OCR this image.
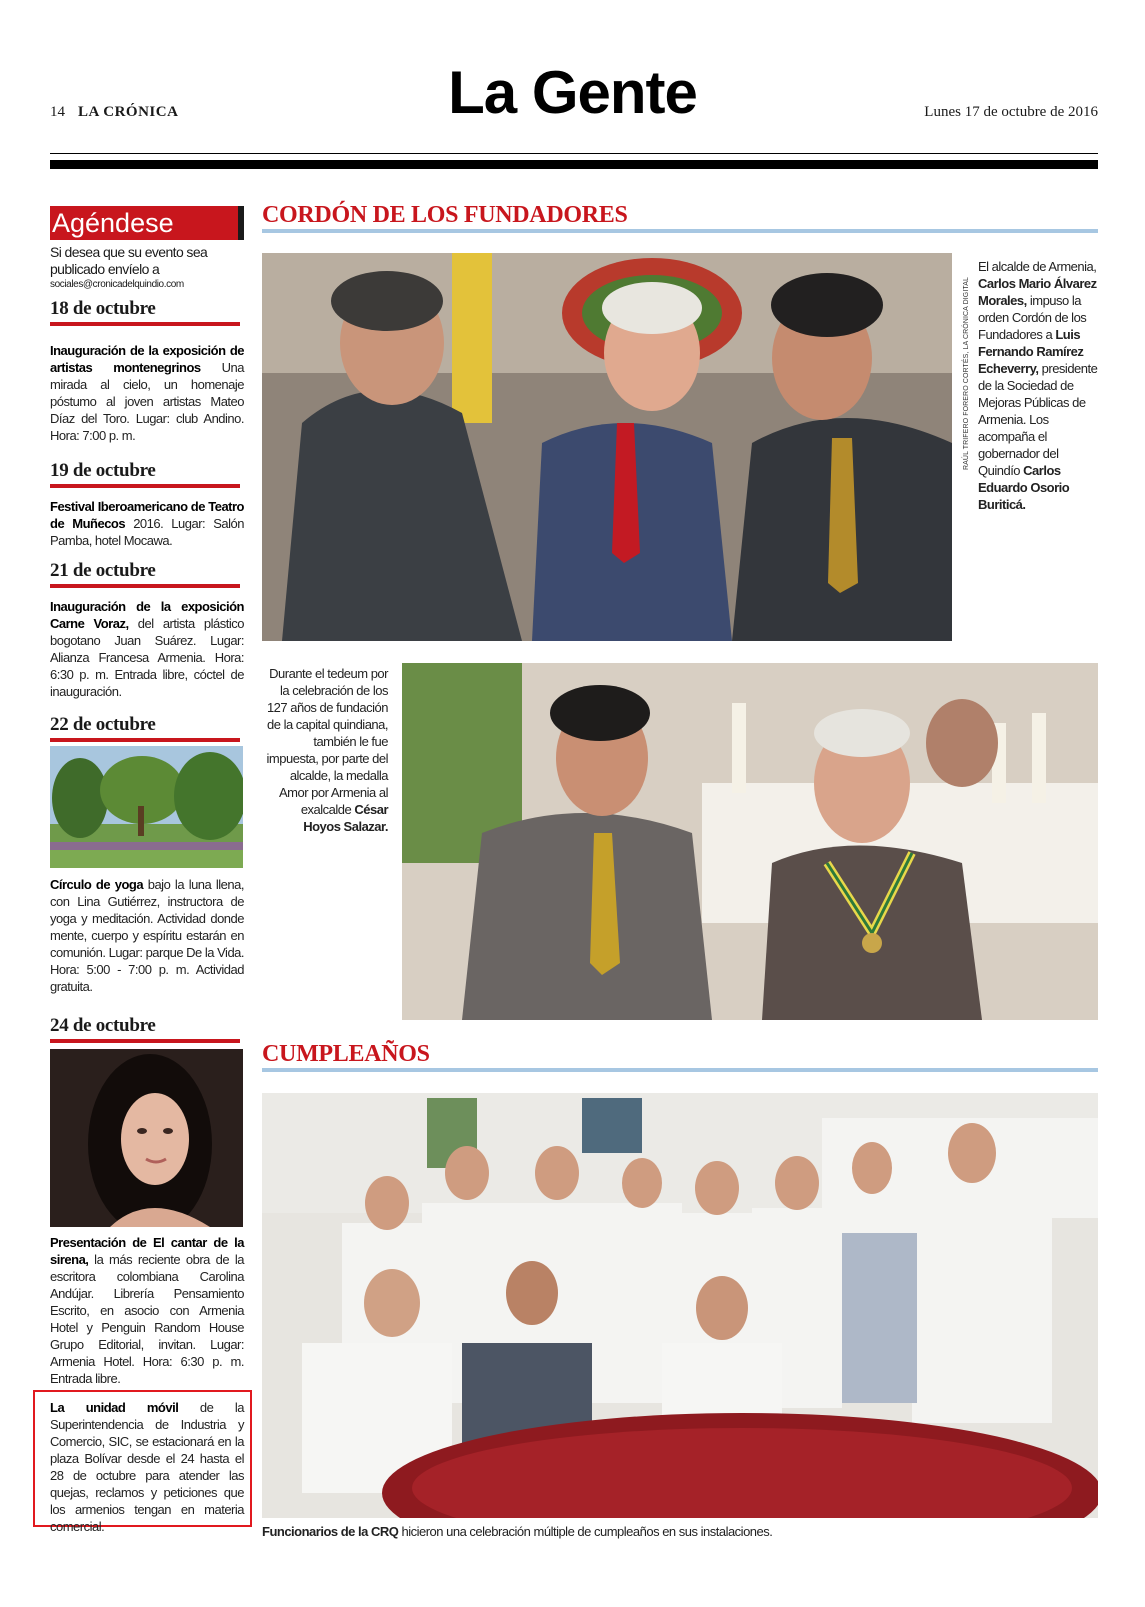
14 LA CRÓNICA	La Gente	Lunes 17 de octubre de 2016
Agéndese
Si desea que su evento sea publicado envíelo a
sociales@cronicadelquindio.com
18 de octubre
Inauguración de la exposición de artistas montenegrinos Una mirada al cielo, un homenaje póstumo al joven artistas Mateo Díaz del Toro. Lugar: club Andino. Hora: 7:00 p. m.
19 de octubre
Festival Iberoamericano de Teatro de Muñecos 2016. Lugar: Salón Pamba, hotel Mocawa.
21 de octubre
Inauguración de la exposición Carne Voraz, del artista plástico bogotano Juan Suárez. Lugar: Alianza Francesa Armenia. Hora: 6:30 p. m. Entrada libre, cóctel de inauguración.
22 de octubre
Círculo de yoga bajo la luna llena, con Lina Gutiérrez, instructora de yoga y meditación. Actividad donde mente, cuerpo y espíritu estarán en comunión. Lugar: parque De la Vida. Hora: 5:00 - 7:00 p. m. Actividad gratuita.
24 de octubre
Presentación de El cantar de la sirena, la más reciente obra de la escritora colombiana Carolina Andújar. Librería Pensamiento Escrito, en asocio con Armenia Hotel y Penguin Random House Grupo Editorial, invitan. Lugar: Armenia Hotel. Hora: 6:30 p. m. Entrada libre.
La unidad móvil de la Superintendencia de Industria y Comercio, SIC, se estacionará en la plaza Bolívar desde el 24 hasta el 28 de octubre para atender las quejas, reclamos y peticiones que los armenios tengan en materia comercial.
CORDÓN DE LOS FUNDADORES
RAÚL TRIFERO FORERO CORTÉS, LA CRÓNICA DIGITAL
El alcalde de Armenia, Carlos Mario Álvarez Morales, impuso la orden Cordón de los Fundadores a Luis Fernando Ramírez Echeverry, presidente de la Sociedad de Mejoras Públicas de Armenia. Los acompaña el gobernador del Quindío Carlos Eduardo Osorio Buriticá.
Durante el tedeum por la celebración de los 127 años de fundación de la capital quindiana, también le fue impuesta, por parte del alcalde, la medalla Amor por Armenia al exalcalde César Hoyos Salazar.
CUMPLEAÑOS
Funcionarios de la CRQ hicieron una celebración múltiple de cumpleaños en sus instalaciones.
